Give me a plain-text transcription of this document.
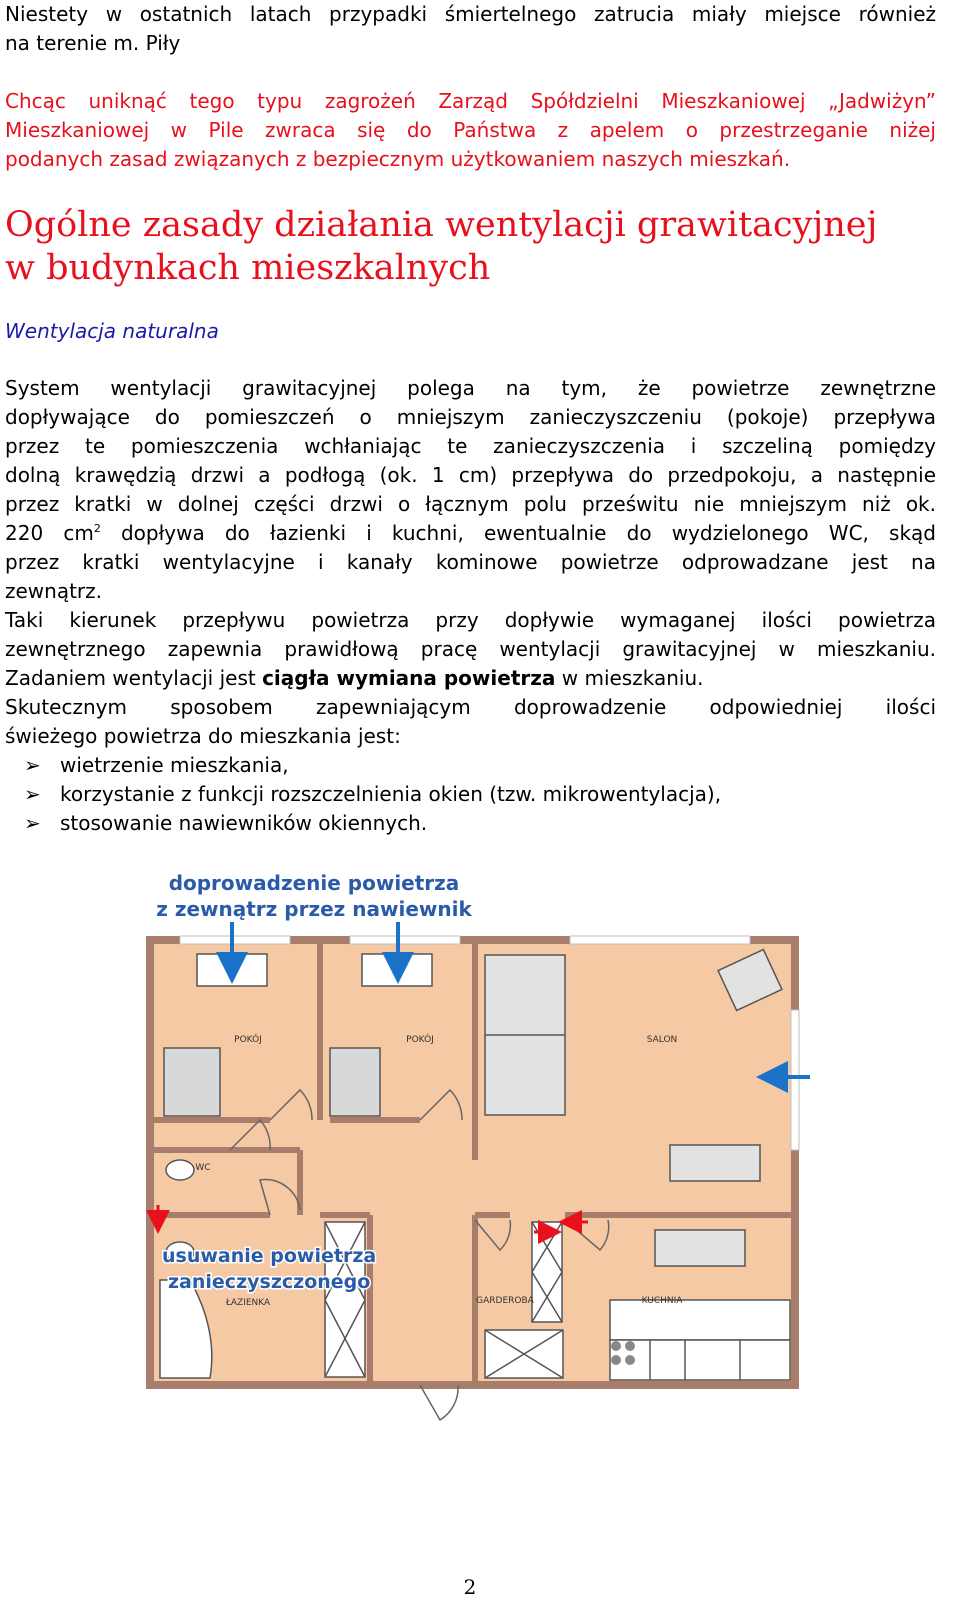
Niestety w ostatnich latach przypadki śmiertelnego zatrucia miały miejsce również
na terenie m. Piły
Chcąc uniknąć tego typu zagrożeń Zarząd Spółdzielni Mieszkaniowej „Jadwiżyn”
Mieszkaniowej w Pile zwraca się do Państwa z apelem o przestrzeganie niżej
podanych zasad związanych z bezpiecznym użytkowaniem naszych mieszkań.
Ogólne zasady działania wentylacji grawitacyjnej
w budynkach mieszkalnych
Wentylacja naturalna
System wentylacji grawitacyjnej polega na tym, że powietrze zewnętrzne
dopływające do pomieszczeń o mniejszym zanieczyszczeniu (pokoje) przepływa
przez te pomieszczenia wchłaniając te zanieczyszczenia i szczeliną pomiędzy
dolną krawędzią drzwi a podłogą (ok. 1 cm) przepływa do przedpokoju, a następnie
przez kratki w dolnej części drzwi o łącznym polu prześwitu nie mniejszym niż ok.
220 $cm^2$ dopływa do łazienki i kuchni, ewentualnie do wydzielonego WC, skąd
przez kratki wentylacyjne i kanały kominowe powietrze odprowadzane jest na
zewnątrz.
Taki kierunek przepływu powietrza przy dopływie wymaganej ilości powietrza
zewnętrznego zapewnia prawidłową pracę wentylacji grawitacyjnej w mieszkaniu.
Zadaniem wentylacji jest ciągła wymiana powietrza w mieszkaniu.
Skutecznym sposobem zapewniającym doprowadzenie odpowiedniej ilości
świeżego powietrza do mieszkania jest:
➢ wietrzenie mieszkania,
➢ korzystanie z funkcji rozszczelnienia okien (tzw. mikrowentylacja),
➢ stosowanie nawiewników okiennych.
doprowadzenie powietrza
z zewnątrz przez nawiewnik
POKÓJ	POKÓJ	SALON
WC
ŁAZIENKA	GARDEROBA	KUCHNIA
usuwanie powietrza
zanieczyszczonego
2
